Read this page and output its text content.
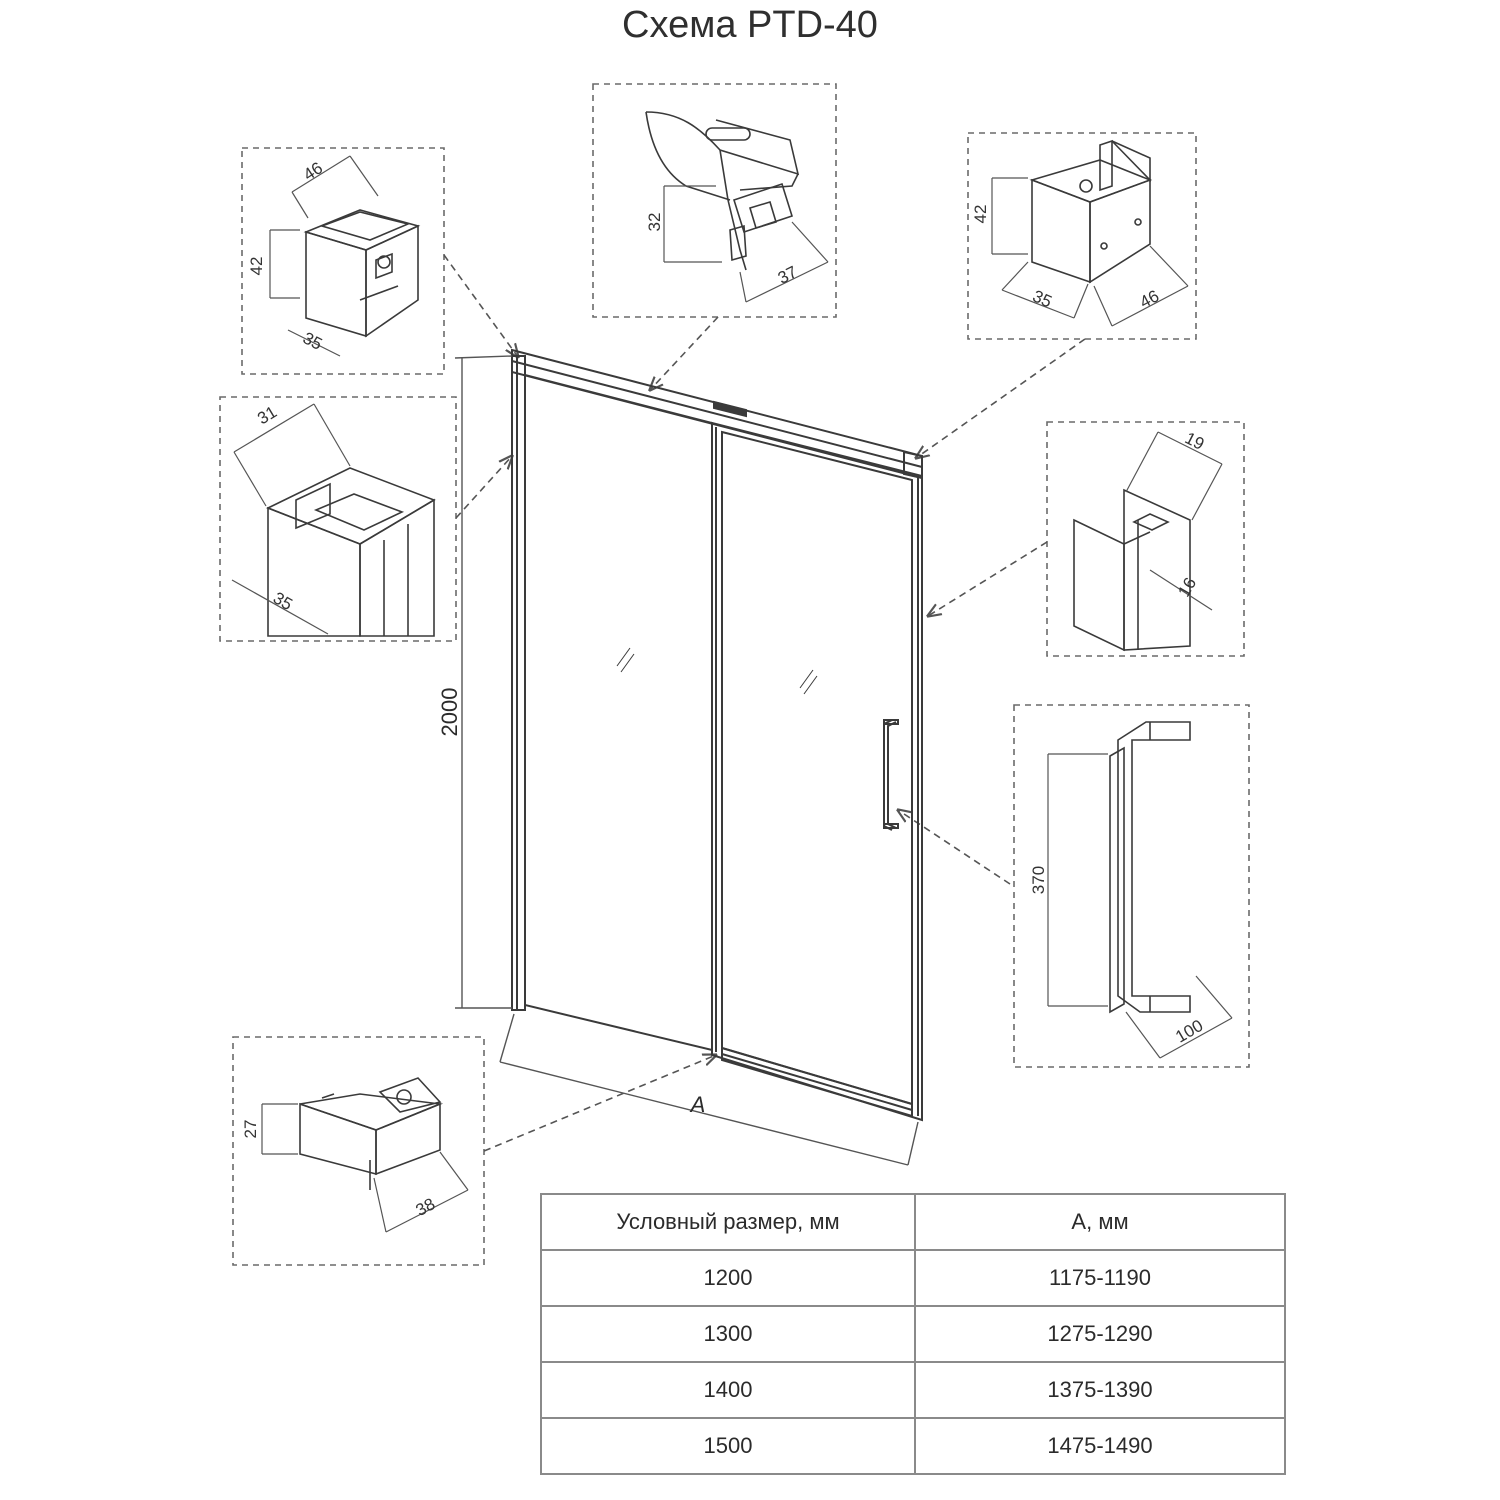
Схема PTD-40
2000
A
46
42
35
32
37
42
35	46
31
35
19
16
370
100
27
38
Условный размер, мм	А, мм
1200	1175-1190
1300	1275-1290
1400	1375-1390
1500	1475-1490
